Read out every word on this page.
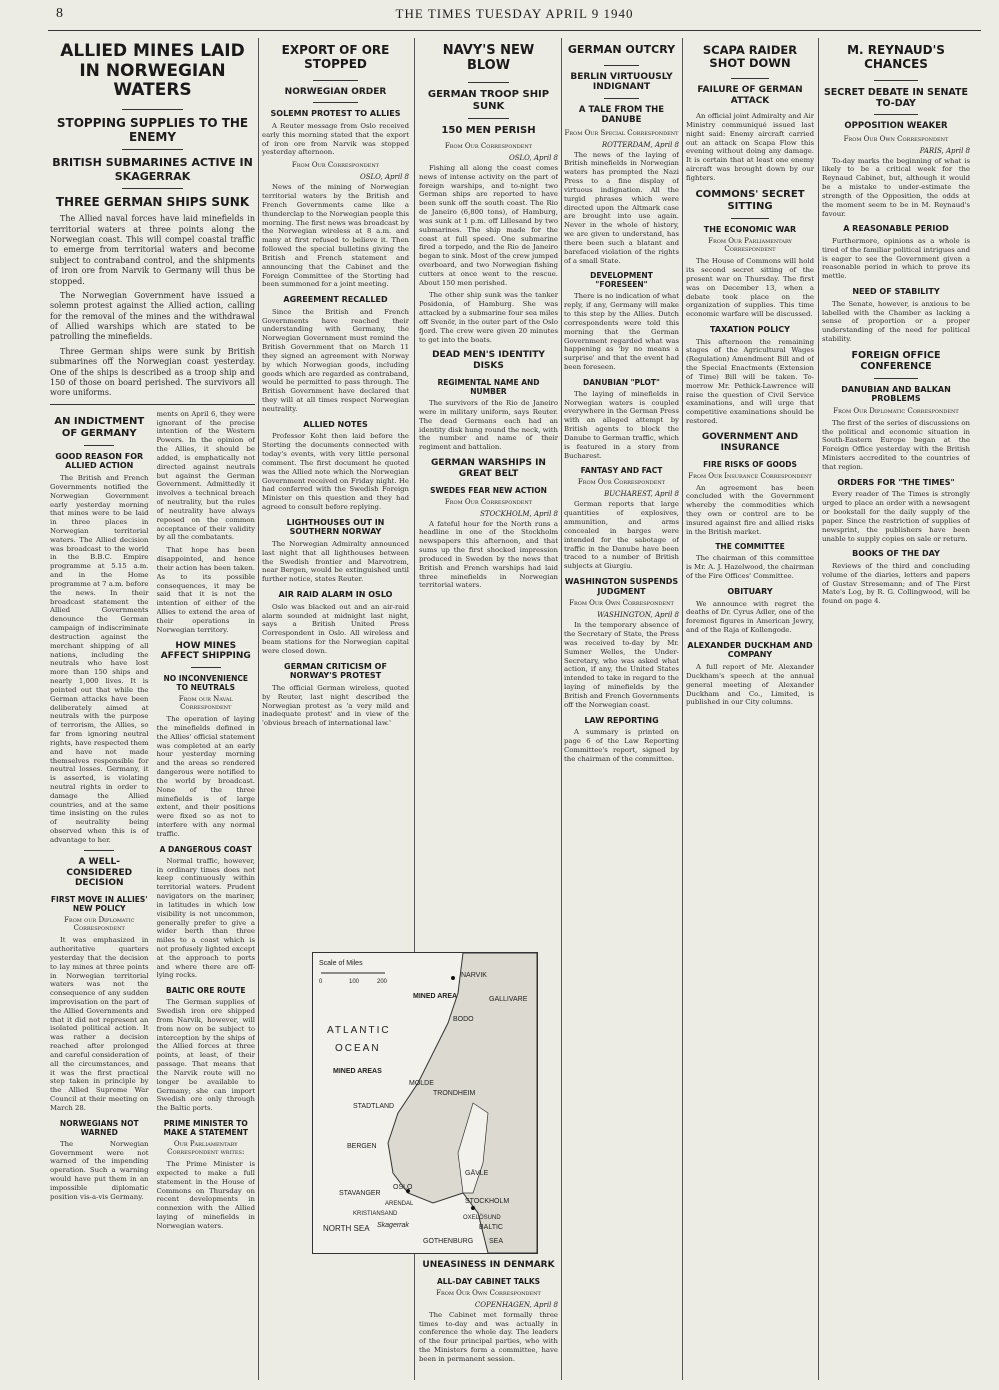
8	THE TIMES TUESDAY APRIL 9 1940
ALLIED MINES LAID IN NORWEGIAN WATERS
STOPPING SUPPLIES TO THE ENEMY
BRITISH SUBMARINES ACTIVE IN SKAGERRAK
THREE GERMAN SHIPS SUNK
The Allied naval forces have laid minefields in territorial waters at three points along the Norwegian coast. This will compel coastal traffic to emerge from territorial waters and become subject to contraband control, and the shipments of iron ore from Narvik to Germany will thus be stopped.
The Norwegian Government have issued a solemn protest against the Allied action, calling for the removal of the mines and the withdrawal of Allied warships which are stated to be patrolling the minefields.
Three German ships were sunk by British submarines off the Norwegian coast yesterday. One of the ships is described as a troop ship and 150 of those on board perished. The survivors all wore uniforms.
AN INDICTMENT OF GERMANY
GOOD REASON FOR ALLIED ACTION
The British and French Governments notified the Norwegian Government early yesterday morning that mines were to be laid in three places in Norwegian territorial waters. The Allied decision was broadcast to the world in the B.B.C. Empire programme at 5.15 a.m. and in the Home programme at 7 a.m. before the news. In their broadcast statement the Allied Governments denounce the German campaign of indiscriminate destruction against the merchant shipping of all nations, including the neutrals who have lost more than 150 ships and nearly 1,000 lives. It is pointed out that while the German attacks have been deliberately aimed at neutrals with the purpose of terrorism, the Allies, so far from ignoring neutral rights, have respected them and have not made themselves responsible for neutral losses. Germany, it is asserted, is violating neutral rights in order to damage the Allied countries, and at the same time insisting on the rules of neutrality being observed when this is of advantage to her.
A WELL-CONSIDERED DECISION
FIRST MOVE IN ALLIES' NEW POLICY
From our Diplomatic Correspondent
It was emphasized in authoritative quarters yesterday that the decision to lay mines at three points in Norwegian territorial waters was not the consequence of any sudden improvisation on the part of the Allied Governments and that it did not represent an isolated political action. It was rather a decision reached after prolonged and careful consideration of all the circumstances, and it was the first practical step taken in principle by the Allied Supreme War Council at their meeting on March 28.
NORWEGIANS NOT WARNED
The Norwegian Government were not warned of the impending operation. Such a warning would have put them in an impossible diplomatic position vis-a-vis Germany.
ments on April 6, they were ignorant of the precise intention of the Western Powers. In the opinion of the Allies, it should be added, is emphatically not directed against neutrals but against the German Government. Admittedly it involves a technical breach of neutrality, but the rules of neutrality have always reposed on the common acceptance of their validity by all the combatants.
That hope has been disappointed, and hence their action has been taken. As to its possible consequences, it may be said that it is not the intention of either of the Allies to extend the area of their operations in Norwegian territory.
HOW MINES AFFECT SHIPPING
NO INCONVENIENCE TO NEUTRALS
From our Naval Correspondent
The operation of laying the minefields defined in the Allies' official statement was completed at an early hour yesterday morning and the areas so rendered dangerous were notified to the world by broadcast. None of the three minefields is of large extent, and their positions were fixed so as not to interfere with any normal traffic.
A DANGEROUS COAST
Normal traffic, however, in ordinary times does not keep continuously within territorial waters. Prudent navigators on the mariner, in latitudes in which low visibility is not uncommon, generally prefer to give a wider berth than three miles to a coast which is not profusely lighted except at the approach to ports and where there are off-lying rocks.
BALTIC ORE ROUTE
The German supplies of Swedish iron ore shipped from Narvik, however, will from now on be subject to interception by the ships of the Allied forces at three points, at least, of their passage. That means that the Narvik route will no longer be available to Germany; she can import Swedish ore only through the Baltic ports.
PRIME MINISTER TO MAKE A STATEMENT
Our Parliamentary Correspondent writes:
The Prime Minister is expected to make a full statement in the House of Commons on Thursday on recent developments in connexion with the Allied laying of minefields in Norwegian waters.
EXPORT OF ORE STOPPED
NORWEGIAN ORDER
SOLEMN PROTEST TO ALLIES
A Reuter message from Oslo received early this morning stated that the export of iron ore from Narvik was stopped yesterday afternoon.
From Our Correspondent
OSLO, April 8
News of the mining of Norwegian territorial waters by the British and French Governments came like a thunderclap to the Norwegian people this morning. The first news was broadcast by the Norwegian wireless at 8 a.m. and many at first refused to believe it. Then followed the special bulletins giving the British and French statement and announcing that the Cabinet and the Foreign Committee of the Storting had been summoned for a joint meeting.
AGREEMENT RECALLED
Since the British and French Governments have reached their understanding with Germany, the Norwegian Government must remind the British Government that on March 11 they signed an agreement with Norway by which Norwegian goods, including goods which are regarded as contraband, would be permitted to pass through. The British Government have declared that they will at all times respect Norwegian neutrality.
ALLIED NOTES
Professor Koht then laid before the Storting the documents connected with today's events, with very little personal comment. The first document he quoted was the Allied note which the Norwegian Government received on Friday night. He had conferred with the Swedish Foreign Minister on this question and they had agreed to consult before replying.
LIGHTHOUSES OUT IN SOUTHERN NORWAY
The Norwegian Admiralty announced last night that all lighthouses between the Swedish frontier and Marvotrem, near Bergen, would be extinguished until further notice, states Reuter.
AIR RAID ALARM IN OSLO
Oslo was blacked out and an air-raid alarm sounded at midnight last night, says a British United Press Correspondent in Oslo. All wireless and beam stations for the Norwegian capital were closed down.
GERMAN CRITICISM OF NORWAY'S PROTEST
The official German wireless, quoted by Reuter, last night described the Norwegian protest as 'a very mild and inadequate protest' and in view of the 'obvious breach of international law.'
NAVY'S NEW BLOW
GERMAN TROOP SHIP SUNK
150 MEN PERISH
From Our Correspondent
OSLO, April 8
Fishing all along the coast comes news of intense activity on the part of foreign warships, and to-night two German ships are reported to have been sunk off the south coast. The Rio de Janeiro (6,800 tons), of Hamburg, was sunk at 1 p.m. off Lillesand by two submarines. The ship made for the coast at full speed. One submarine fired a torpedo, and the Rio de Janeiro began to sink. Most of the crew jumped overboard, and two Norwegian fishing cutters at once went to the rescue. About 150 men perished.
The other ship sunk was the tanker Posidonia, of Hamburg. She was attacked by a submarine four sea miles off Svenör, in the outer part of the Oslo fjord. The crew were given 20 minutes to get into the boats.
DEAD MEN'S IDENTITY DISKS
REGIMENTAL NAME AND NUMBER
The survivors of the Rio de Janeiro were in military uniform, says Reuter. The dead Germans each had an identity disk hung round the neck, with the number and name of their regiment and battalion.
GERMAN WARSHIPS IN GREAT BELT
SWEDES FEAR NEW ACTION
From Our Correspondent
STOCKHOLM, April 8
A fateful hour for the North runs a headline in one of the Stockholm newspapers this afternoon, and that sums up the first shocked impression produced in Sweden by the news that British and French warships had laid three minefields in Norwegian territorial waters.
Scale of Miles
0	100	200
NARVIK
MINED AREA	GALLIVARE
ATLANTIC
OCEAN
MINED AREAS
BODO
MOLDE
TRONDHEIM
STADTLAND
BERGEN
GÄVLE
OSLO
STAVANGER
ARENDAL
KRISTIANSAND
STOCKHOLM
NORTH SEA
GOTHENBURG
BALTIC
OXELÖSUND
SEA
Skagerrak
UNEASINESS IN DENMARK
ALL-DAY CABINET TALKS
From Our Own Correspondent
COPENHAGEN, April 8
The Cabinet met formally three times to-day and was actually in conference the whole day. The leaders of the four principal parties, who with the Ministers form a committee, have been in permanent session.
GERMAN OUTCRY
BERLIN VIRTUOUSLY INDIGNANT
A TALE FROM THE DANUBE
From Our Special Correspondent
ROTTERDAM, April 8
The news of the laying of British minefields in Norwegian waters has prompted the Nazi Press to a fine display of virtuous indignation. All the turgid phrases which were directed upon the Altmark case are brought into use again. Never in the whole of history, we are given to understand, has there been such a blatant and barefaced violation of the rights of a small State.
DEVELOPMENT "FORESEEN"
There is no indication of what reply, if any, Germany will make to this step by the Allies. Dutch correspondents were told this morning that the German Government regarded what was happening as 'by no means a surprise' and that the event had been foreseen.
DANUBIAN "PLOT"
The laying of minefields in Norwegian waters is coupled everywhere in the German Press with an alleged attempt by British agents to block the Danube to German traffic, which is featured in a story from Bucharest.
FANTASY AND FACT
From Our Correspondent
BUCHAREST, April 8
German reports that large quantities of explosives, ammunition, and arms concealed in barges were intended for the sabotage of traffic in the Danube have been traced to a number of British subjects at Giurgiu.
WASHINGTON SUSPENDS JUDGMENT
From Our Own Correspondent
WASHINGTON, April 8
In the temporary absence of the Secretary of State, the Press was received to-day by Mr. Sumner Welles, the Under-Secretary, who was asked what action, if any, the United States intended to take in regard to the laying of minefields by the British and French Governments off the Norwegian coast.
LAW REPORTING
A summary is printed on page 6 of the Law Reporting Committee's report, signed by the chairman of the committee.
SCAPA RAIDER SHOT DOWN
FAILURE OF GERMAN ATTACK
An official joint Admiralty and Air Ministry communiqué issued last night said: Enemy aircraft carried out an attack on Scapa Flow this evening without doing any damage. It is certain that at least one enemy aircraft was brought down by our fighters.
COMMONS' SECRET SITTING
THE ECONOMIC WAR
From Our Parliamentary Correspondent
The House of Commons will hold its second secret sitting of the present war on Thursday. The first was on December 13, when a debate took place on the organization of supplies. This time economic warfare will be discussed.
TAXATION POLICY
This afternoon the remaining stages of the Agricultural Wages (Regulation) Amendment Bill and of the Special Enactments (Extension of Time) Bill will be taken. To-morrow Mr. Pethick-Lawrence will raise the question of Civil Service examinations, and will urge that competitive examinations should be restored.
GOVERNMENT AND INSURANCE
FIRE RISKS OF GOODS
From Our Insurance Correspondent
An agreement has been concluded with the Government whereby the commodities which they own or control are to be insured against fire and allied risks in the British market.
THE COMMITTEE
The chairman of this committee is Mr. A. J. Hazelwood, the chairman of the Fire Offices' Committee.
OBITUARY
We announce with regret the deaths of Dr. Cyrus Adler, one of the foremost figures in American Jewry, and of the Raja of Kollengode.
ALEXANDER DUCKHAM AND COMPANY
A full report of Mr. Alexander Duckham's speech at the annual general meeting of Alexander Duckham and Co., Limited, is published in our City columns.
M. REYNAUD'S CHANCES
SECRET DEBATE IN SENATE TO-DAY
OPPOSITION WEAKER
From Our Own Correspondent
PARIS, April 8
To-day marks the beginning of what is likely to be a critical week for the Reynaud Cabinet, but, although it would be a mistake to under-estimate the strength of the Opposition, the odds at the moment seem to be in M. Reynaud's favour.
A REASONABLE PERIOD
Furthermore, opinions as a whole is tired of the familiar political intrigues and is eager to see the Government given a reasonable period in which to prove its mettle.
NEED OF STABILITY
The Senate, however, is anxious to be labelled with the Chamber as lacking a sense of proportion or a proper understanding of the need for political stability.
FOREIGN OFFICE CONFERENCE
DANUBIAN AND BALKAN PROBLEMS
From Our Diplomatic Correspondent
The first of the series of discussions on the political and economic situation in South-Eastern Europe began at the Foreign Office yesterday with the British Ministers accredited to the countries of that region.
ORDERS FOR "THE TIMES"
Every reader of The Times is strongly urged to place an order with a newsagent or bookstall for the daily supply of the paper. Since the restriction of supplies of newsprint, the publishers have been unable to supply copies on sale or return.
BOOKS OF THE DAY
Reviews of the third and concluding volume of the diaries, letters and papers of Gustav Stresemann; and of The First Mate's Log, by R. G. Collingwood, will be found on page 4.
